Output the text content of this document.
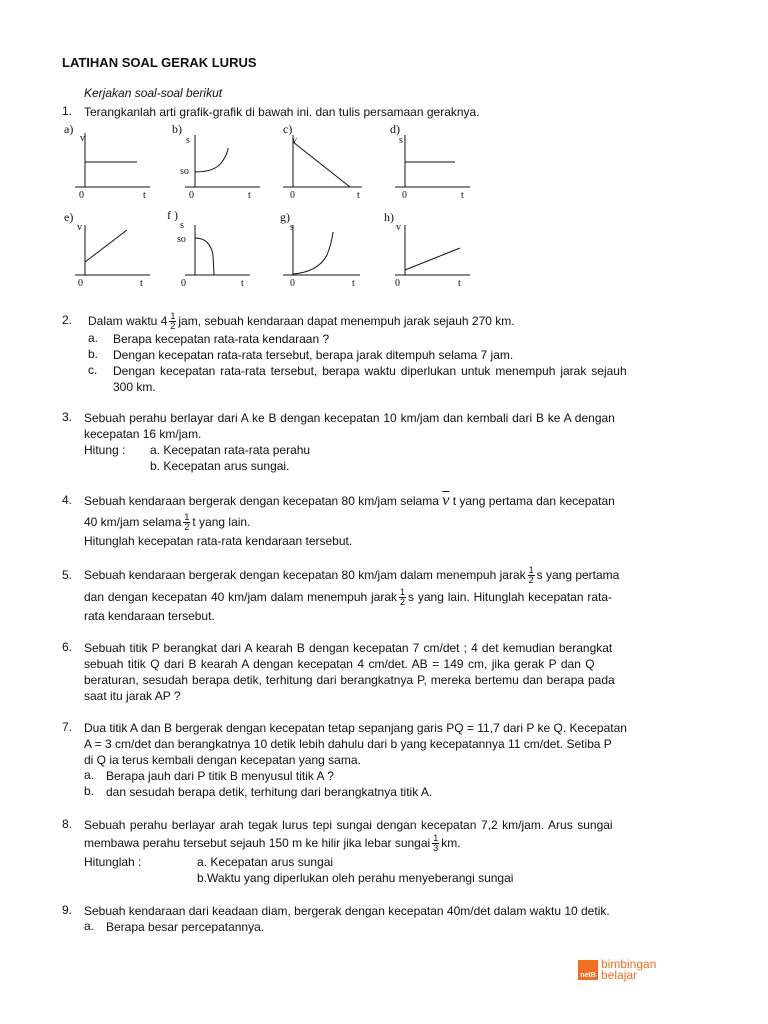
LATIHAN SOAL GERAK LURUS
Kerjakan soal-soal berikut
1. Terangkanlah arti grafik-grafik di bawah ini. dan tulis persamaan geraknya.
a)	b)	c)	d)
e)	f )	g)	h)
v
0	t
s
so
0	t
v
0	t
s
0	t
v
0	t
s
so
0	t
s
0	t
v
0	t
2. Dalam waktu $4 \frac{1}{2}$ jam, sebuah kendaraan dapat menempuh jarak sejauh 270 km.
a. Berapa kecepatan rata-rata kendaraan ?
b. Dengan kecepatan rata-rata tersebut, berapa jarak ditempuh selama 7 jam.
c. Dengan kecepatan rata-rata tersebut, berapa waktu diperlukan untuk menempuh jarak sejauh
300 km.
3. Sebuah perahu berlayar dari A ke B dengan kecepatan 10 km/jam dan kembali dari B ke A dengan
kecepatan 16 km/jam.
Hitung : a. Kecepatan rata-rata perahu
b. Kecepatan arus sungai.
4. Sebuah kendaraan bergerak dengan kecepatan 80 km/jam selama $\overline{v}$ t yang pertama dan kecepatan
40 km/jam selama $\frac{1}{2}$ t yang lain.
Hitunglah kecepatan rata-rata kendaraan tersebut.
5. Sebuah kendaraan bergerak dengan kecepatan 80 km/jam dalam menempuh jarak $\frac{1}{2}$ s yang pertama
dan dengan kecepatan 40 km/jam dalam menempuh jarak $\frac{1}{2}$ s yang lain. Hitunglah kecepatan rata-
rata kendaraan tersebut.
6. Sebuah titik P berangkat dari A kearah B dengan kecepatan 7 cm/det ; 4 det kemudian berangkat
sebuah titik Q dari B kearah A dengan kecepatan 4 cm/det. AB = 149 cm, jika gerak P dan Q
beraturan, sesudah berapa detik, terhitung dari berangkatnya P, mereka bertemu dan berapa pada
saat itu jarak AP ?
7. Dua titik A dan B bergerak dengan kecepatan tetap sepanjang garis PQ = 11,7 dari P ke Q. Kecepatan
A = 3 cm/det dan berangkatnya 10 detik lebih dahulu dari b yang kecepatannya 11 cm/det. Setiba P
di Q ia terus kembali dengan kecepatan yang sama.
a. Berapa jauh dari P titik B menyusul titik A ?
b. dan sesudah berapa detik, terhitung dari berangkatnya titik A.
8. Sebuah perahu berlayar arah tegak lurus tepi sungai dengan kecepatan 7,2 km/jam. Arus sungai
membawa perahu tersebut sejauh 150 m ke hilir jika lebar sungai $\frac{1}{3}$ km.
Hitunglah :	a. Kecepatan arus sungai
b.Waktu yang diperlukan oleh perahu menyeberangi sungai
9. Sebuah kendaraan dari keadaan diam, bergerak dengan kecepatan 40m/det dalam waktu 10 detik.
a. Berapa besar percepatannya.
netB
bimbingan
belajar
